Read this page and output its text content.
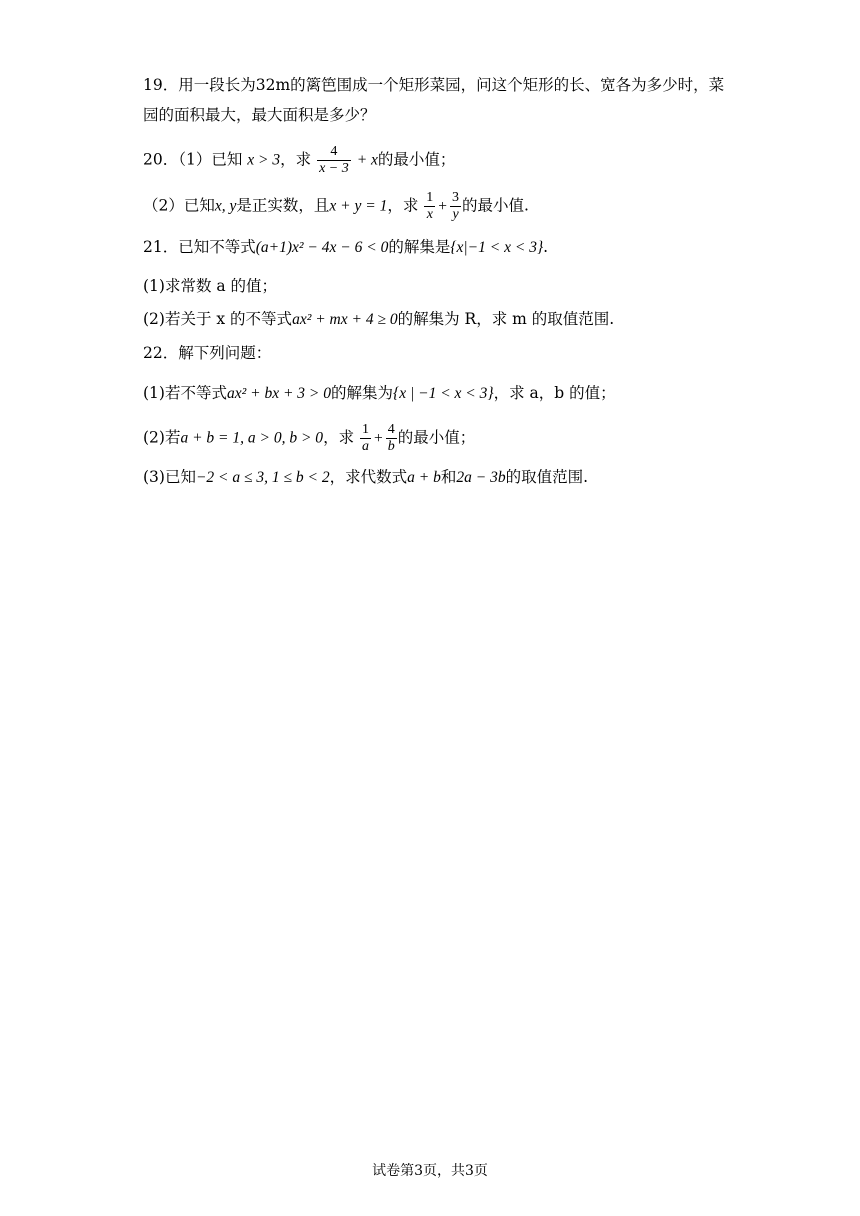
19．用一段长为32m的篱笆围成一个矩形菜园，问这个矩形的长、宽各为多少时，菜
园的面积最大，最大面积是多少？
20．（1）已知 x > 3，求 $\frac{4}{x - 3} + x$的最小值；
（2）已知x, y是正实数，且x + y = 1，求 $\frac{1}{x} + \frac{3}{y}$ 的最小值.
21．已知不等式(a+1)x² − 4x − 6 < 0的解集是{x|−1 < x < 3}.
(1)求常数 a 的值；
(2)若关于 x 的不等式ax² + mx + 4 ≥ 0的解集为 R，求 m 的取值范围.
22．解下列问题：
(1)若不等式ax² + bx + 3 > 0的解集为{x | −1 < x < 3}，求 a，b 的值；
(2)若a + b = 1, a > 0, b > 0，求 $\frac{1}{a} + \frac{4}{b}$ 的最小值；
(3)已知−2 < a ≤ 3, 1 ≤ b < 2，求代数式a + b和2a − 3b的取值范围.
试卷第3页，共3页
